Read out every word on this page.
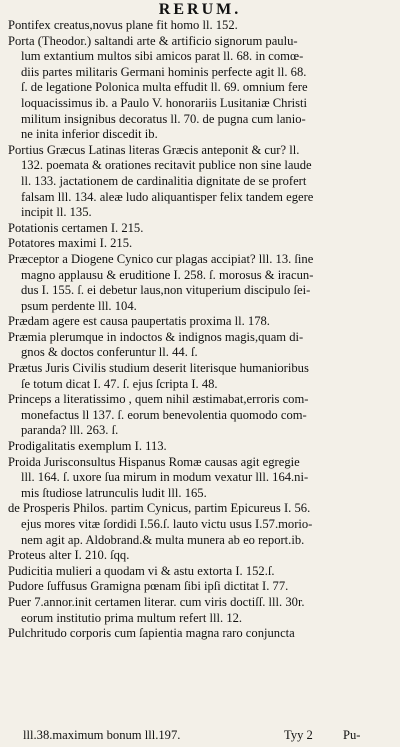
RERUM.
Pontifex creatus,novus plane fit homo ll. 152.
Porta (Theodor.) saltandi arte & artificio signorum paulu-
lum extantium multos sibi amicos parat ll. 68. in comœ-
diis partes militaris Germani hominis perfecte agit ll. 68.
ſ. de legatione Polonica multa effudit ll. 69. omnium fere
loquacissimus ib. a Paulo V. honorariis Lusitaniæ Christi
militum insignibus decoratus ll. 70. de pugna cum lanio-
ne inita inferior discedit ib.
Portius Græcus Latinas literas Græcis anteponit & cur? ll.
132. poemata & orationes recitavit publice non sine laude
ll. 133. jactationem de cardinalitia dignitate de se profert
falsam lll. 134. aleæ ludo aliquantisper felix tandem egere
incipit ll. 135.
Potationis certamen I. 215.
Potatores maximi I. 215.
Præceptor a Diogene Cynico cur plagas accipiat? lll. 13. ſine
magno applausu & eruditione I. 258. ſ. morosus & iracun-
dus I. 155. ſ. ei debetur laus,non vituperium discipulo ſei-
psum perdente lll. 104.
Prædam agere est causa paupertatis proxima ll. 178.
Præmia plerumque in indoctos & indignos magis,quam di-
gnos & doctos conferuntur ll. 44. ſ.
Prætus Juris Civilis studium deserit literisque humanioribus
ſe totum dicat I. 47. ſ. ejus ſcripta I. 48.
Princeps a literatissimo , quem nihil æstimabat,erroris com-
monefactus ll 137. ſ. eorum benevolentia quomodo com-
paranda? lll. 263. ſ.
Prodigalitatis exemplum I. 113.
Proida Jurisconsultus Hispanus Romæ causas agit egregie
lll. 164. ſ. uxore ſua mirum in modum vexatur lll. 164.ni-
mis ſtudiose latrunculis ludit lll. 165.
de Prosperis Philos. partim Cynicus, partim Epicureus I. 56.
ejus mores vitæ ſordidi I.56.ſ. lauto victu usus I.57.morio-
nem agit ap. Aldobrand.& multa munera ab eo report.ib.
Proteus alter I. 210. ſqq.
Pudicitia mulieri a quodam vi & astu extorta I. 152.ſ.
Pudore ſuffusus Gramigna pœnam ſibi ipſi dictitat I. 77.
Puer 7.annor.init certamen literar. cum viris doctiſſ. lll. 30r.
eorum institutio prima multum refert lll. 12.
Pulchritudo corporis cum ſapientia magna raro conjuncta
lll.38.maximum bonum lll.197.	Tyy 2 Pu-
